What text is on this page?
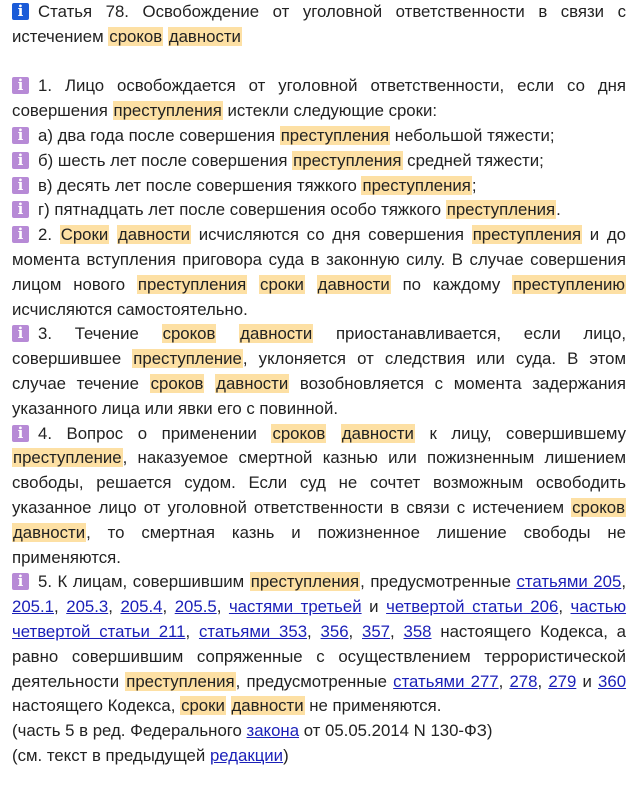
iСтатья 78. Освобождение от уголовной ответственности в связи с истечением сроков давности

i1. Лицо освобождается от уголовной ответственности, если со дня совершения преступления истекли следующие сроки:

iа) два года после совершения преступления небольшой тяжести;

iб) шесть лет после совершения преступления средней тяжести;

iв) десять лет после совершения тяжкого преступления;

iг) пятнадцать лет после совершения особо тяжкого преступления.

i2. Сроки давности исчисляются со дня совершения преступления и до момента вступления приговора суда в законную силу. В случае совершения лицом нового преступления сроки давности по каждому преступлению исчисляются самостоятельно.

i3. Течение сроков давности приостанавливается, если лицо, совершившее преступление, уклоняется от следствия или суда. В этом случае течение сроков давности возобновляется с момента задержания указанного лица или явки его с повинной.

i4. Вопрос о применении сроков давности к лицу, совершившему преступление, наказуемое смертной казнью или пожизненным лишением свободы, решается судом. Если суд не сочтет возможным освободить указанное лицо от уголовной ответственности в связи с истечением сроков давности, то смертная казнь и пожизненное лишение свободы не применяются.

i5. К лицам, совершившим преступления, предусмотренные статьями 205, 205.1, 205.3, 205.4, 205.5, частями третьей и четвертой статьи 206, частью четвертой статьи 211, статьями 353, 356, 357, 358 настоящего Кодекса, а равно совершившим сопряженные с осуществлением террористической деятельности преступления, предусмотренные статьями 277, 278, 279 и 360 настоящего Кодекса, сроки давности не применяются.

(часть 5 в ред. Федерального закона от 05.05.2014 N 130-ФЗ)

(см. текст в предыдущей редакции)
